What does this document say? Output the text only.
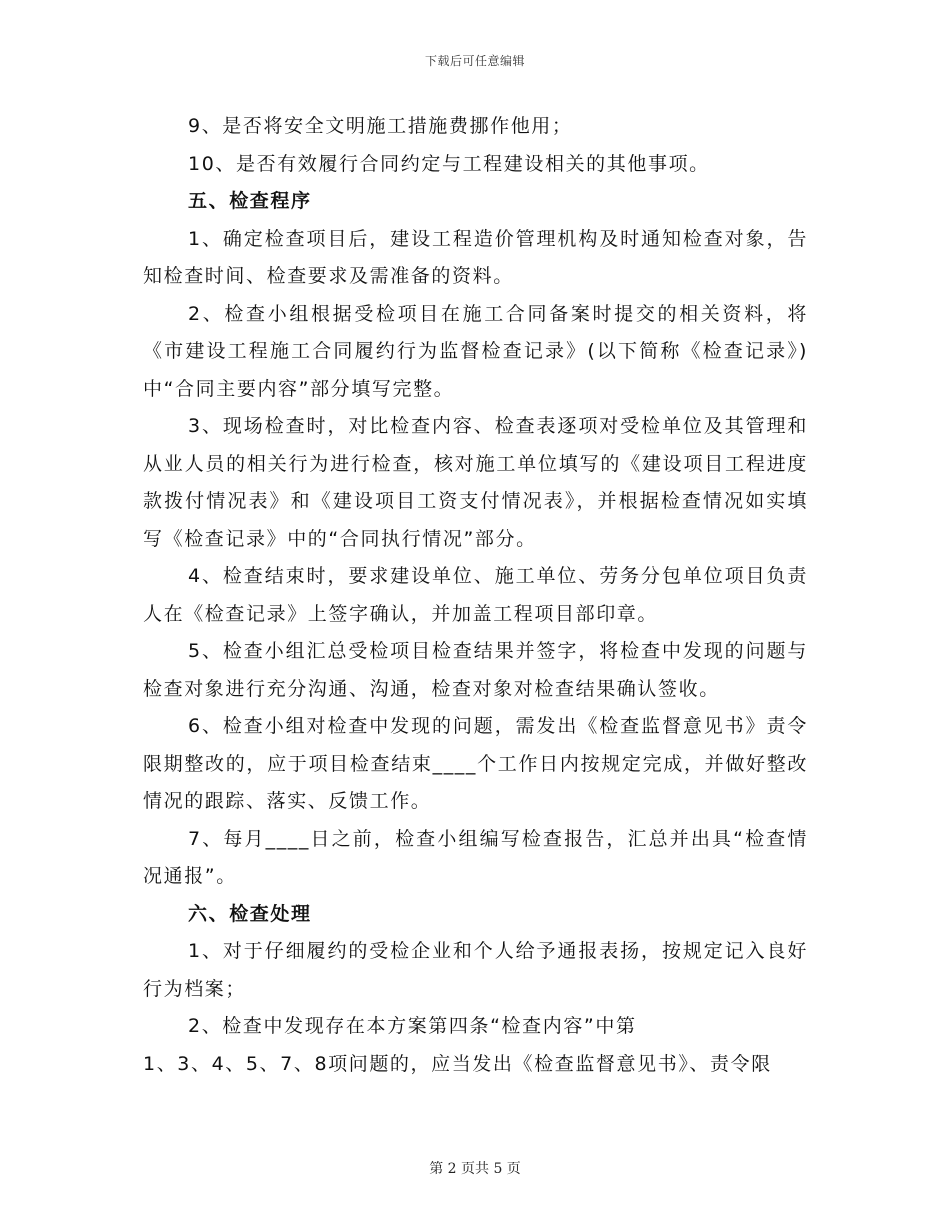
下载后可任意编辑

9、是否将安全文明施工措施费挪作他用；

10、是否有效履行合同约定与工程建设相关的其他事项。

五、检查程序

1、确定检查项目后，建设工程造价管理机构及时通知检查对象，告知检查时间、检查要求及需准备的资料。

2、检查小组根据受检项目在施工合同备案时提交的相关资料，将《市建设工程施工合同履约行为监督检查记录》(以下简称《检查记录》)中“合同主要内容”部分填写完整。

3、现场检查时，对比检查内容、检查表逐项对受检单位及其管理和从业人员的相关行为进行检查，核对施工单位填写的《建设项目工程进度款拨付情况表》和《建设项目工资支付情况表》，并根据检查情况如实填写《检查记录》中的“合同执行情况”部分。

4、检查结束时，要求建设单位、施工单位、劳务分包单位项目负责人在《检查记录》上签字确认，并加盖工程项目部印章。

5、检查小组汇总受检项目检查结果并签字，将检查中发现的问题与检查对象进行充分沟通、沟通，检查对象对检查结果确认签收。

6、检查小组对检查中发现的问题，需发出《检查监督意见书》责令限期整改的，应于项目检查结束____个工作日内按规定完成，并做好整改情况的跟踪、落实、反馈工作。

7、每月____日之前，检查小组编写检查报告，汇总并出具“检查情况通报”。

六、检查处理

1、对于仔细履约的受检企业和个人给予通报表扬，按规定记入良好行为档案；

2、检查中发现存在本方案第四条“检查内容”中第

1、3、4、5、7、8项问题的，应当发出《检查监督意见书》、责令限

第 2 页共 5 页
